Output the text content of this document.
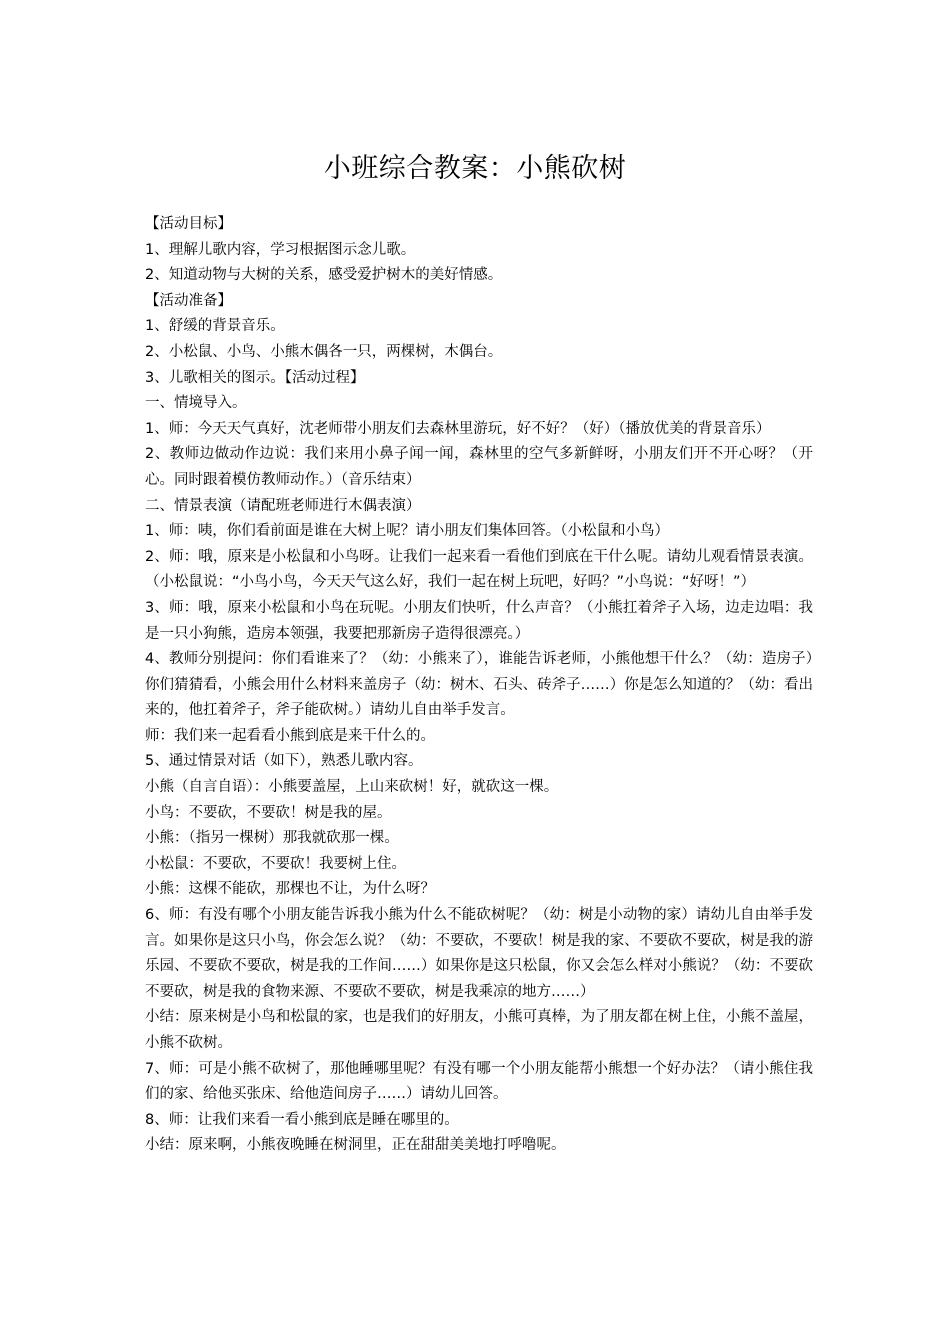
小班综合教案：小熊砍树

【活动目标】

1、理解儿歌内容，学习根据图示念儿歌。

2、知道动物与大树的关系，感受爱护树木的美好情感。

【活动准备】

1、舒缓的背景音乐。

2、小松鼠、小鸟、小熊木偶各一只，两棵树，木偶台。

3、儿歌相关的图示。【活动过程】

一、情境导入。

1、师：今天天气真好，沈老师带小朋友们去森林里游玩，好不好？（好）（播放优美的背景音乐）

2、教师边做动作边说：我们来用小鼻子闻一闻，森林里的空气多新鲜呀，小朋友们开不开心呀？（开心。同时跟着模仿教师动作。）（音乐结束）

二、情景表演（请配班老师进行木偶表演）

1、师：咦，你们看前面是谁在大树上呢？请小朋友们集体回答。（小松鼠和小鸟）

2、师：哦，原来是小松鼠和小鸟呀。让我们一起来看一看他们到底在干什么呢。请幼儿观看情景表演。（小松鼠说：“小鸟小鸟，今天天气这么好，我们一起在树上玩吧，好吗？”小鸟说：“好呀！”）

3、师：哦，原来小松鼠和小鸟在玩呢。小朋友们快听，什么声音？（小熊扛着斧子入场，边走边唱：我是一只小狗熊，造房本领强，我要把那新房子造得很漂亮。）

4、教师分别提问：你们看谁来了？（幼：小熊来了），谁能告诉老师，小熊他想干什么？（幼：造房子）你们猜猜看，小熊会用什么材料来盖房子（幼：树木、石头、砖斧子……）你是怎么知道的？（幼：看出来的，他扛着斧子，斧子能砍树。）请幼儿自由举手发言。

师：我们来一起看看小熊到底是来干什么的。

5、通过情景对话（如下），熟悉儿歌内容。

小熊（自言自语）：小熊要盖屋，上山来砍树！好，就砍这一棵。

小鸟：不要砍，不要砍！树是我的屋。

小熊：（指另一棵树）那我就砍那一棵。

小松鼠：不要砍，不要砍！我要树上住。

小熊：这棵不能砍，那棵也不让，为什么呀？

6、师：有没有哪个小朋友能告诉我小熊为什么不能砍树呢？（幼：树是小动物的家）请幼儿自由举手发言。如果你是这只小鸟，你会怎么说？（幼：不要砍，不要砍！树是我的家、不要砍不要砍，树是我的游乐园、不要砍不要砍，树是我的工作间……）如果你是这只松鼠，你又会怎么样对小熊说？（幼：不要砍不要砍，树是我的食物来源、不要砍不要砍，树是我乘凉的地方……）

小结：原来树是小鸟和松鼠的家，也是我们的好朋友，小熊可真棒，为了朋友都在树上住，小熊不盖屋，小熊不砍树。

7、师：可是小熊不砍树了，那他睡哪里呢？有没有哪一个小朋友能帮小熊想一个好办法？（请小熊住我们的家、给他买张床、给他造间房子……）请幼儿回答。

8、师：让我们来看一看小熊到底是睡在哪里的。

小结：原来啊，小熊夜晚睡在树洞里，正在甜甜美美地打呼噜呢。
